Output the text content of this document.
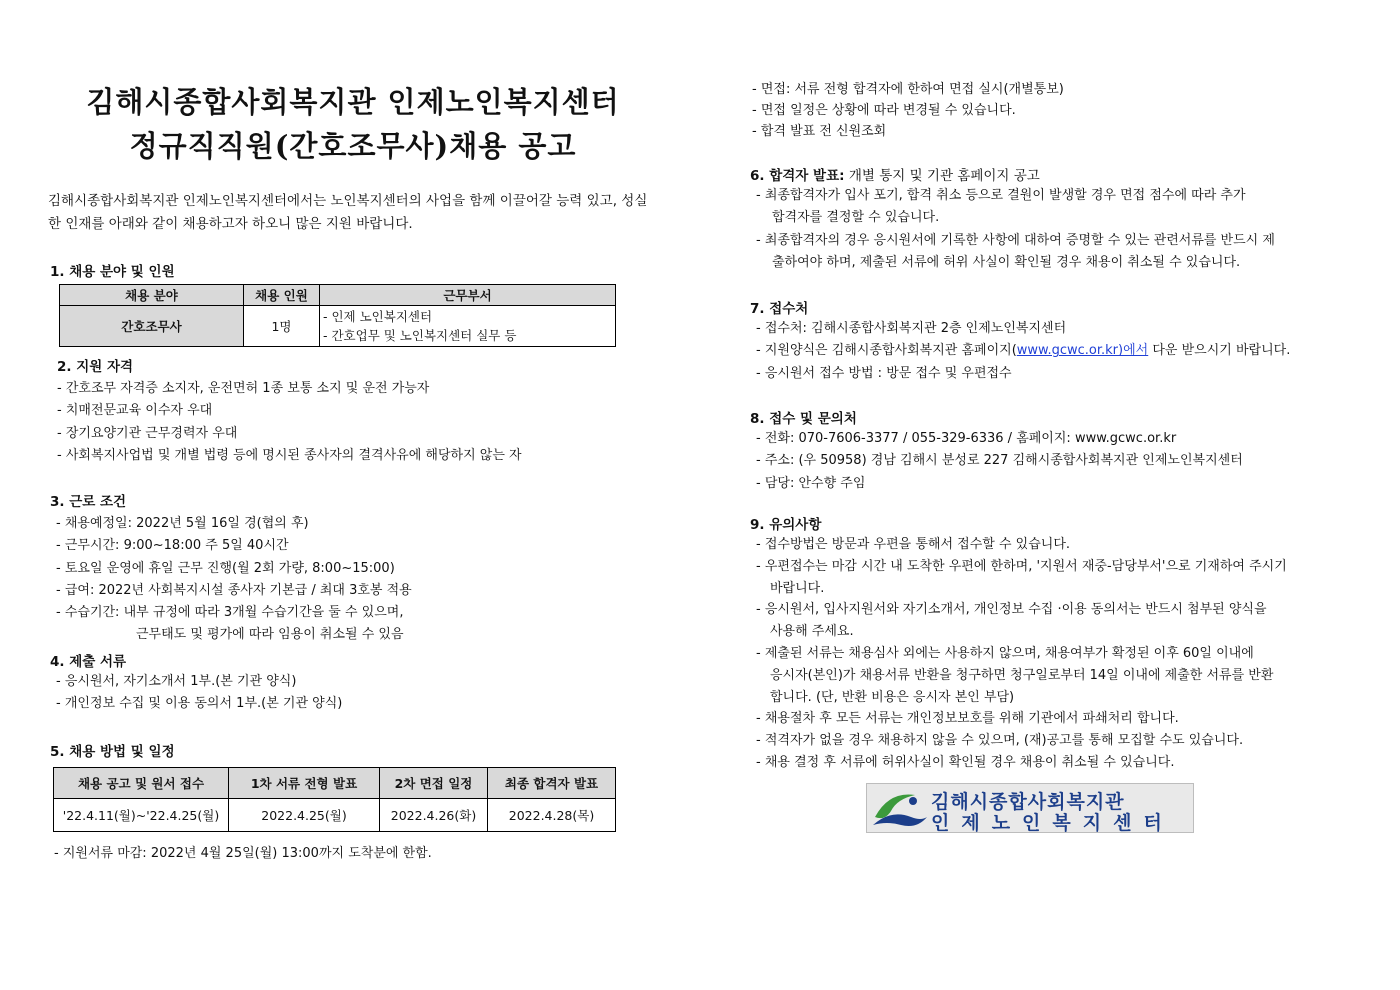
김해시종합사회복지관 인제노인복지센터
정규직직원(간호조무사)채용 공고

김해시종합사회복지관 인제노인복지센터에서는 노인복지센터의 사업을 함께 이끌어갈 능력 있고, 성실한 인재를 아래와 같이 채용하고자 하오니 많은 지원 바랍니다.

1. 채용 분야 및 인원

채용 분야	채용 인원	근무부서
간호조무사	1명	- 인제 노인복지센터
- 간호업무 및 노인복지센터 실무 등

2. 지원 자격

- 간호조무 자격증 소지자, 운전면허 1종 보통 소지 및 운전 가능자

- 치매전문교육 이수자 우대

- 장기요양기관 근무경력자 우대

- 사회복지사업법 및 개별 법령 등에 명시된 종사자의 결격사유에 해당하지 않는 자

3. 근로 조건

- 채용예정일: 2022년 5월 16일 경(협의 후)

- 근무시간: 9:00~18:00 주 5일 40시간

- 토요일 운영에 휴일 근무 진행(월 2회 가량, 8:00~15:00)

- 급여: 2022년 사회복지시설 종사자 기본급 / 최대 3호봉 적용

- 수습기간: 내부 규정에 따라 3개월 수습기간을 둘 수 있으며,

근무태도 및 평가에 따라 임용이 취소될 수 있음

4. 제출 서류

- 응시원서, 자기소개서 1부.(본 기관 양식)

- 개인정보 수집 및 이용 동의서 1부.(본 기관 양식)

5. 채용 방법 및 일정

채용 공고 및 원서 접수	1차 서류 전형 발표	2차 면접 일정	최종 합격자 발표
'22.4.11(월)~'22.4.25(월)	2022.4.25(월)	2022.4.26(화)	2022.4.28(목)

- 지원서류 마감: 2022년 4월 25일(월) 13:00까지 도착분에 한함.

- 면접: 서류 전형 합격자에 한하여 면접 실시(개별통보)

- 면접 일정은 상황에 따라 변경될 수 있습니다.

- 합격 발표 전 신원조회

6. 합격자 발표: 개별 통지 및 기관 홈페이지 공고

- 최종합격자가 입사 포기, 합격 취소 등으로 결원이 발생할 경우 면접 점수에 따라 추가

합격자를 결정할 수 있습니다.

- 최종합격자의 경우 응시원서에 기록한 사항에 대하여 증명할 수 있는 관련서류를 반드시 제

출하여야 하며, 제출된 서류에 허위 사실이 확인될 경우 채용이 취소될 수 있습니다.

7. 접수처

- 접수처: 김해시종합사회복지관 2층 인제노인복지센터

- 지원양식은 김해시종합사회복지관 홈페이지(www.gcwc.or.kr)에서 다운 받으시기 바랍니다.

- 응시원서 접수 방법 : 방문 접수 및 우편접수

8. 접수 및 문의처

- 전화: 070-7606-3377 / 055-329-6336 / 홈페이지: www.gcwc.or.kr

- 주소: (우 50958) 경남 김해시 분성로 227 김해시종합사회복지관 인제노인복지센터

- 담당: 안수향 주임

9. 유의사항

- 접수방법은 방문과 우편을 통해서 접수할 수 있습니다.

- 우편접수는 마감 시간 내 도착한 우편에 한하며, '지원서 재중-담당부서'으로 기재하여 주시기

바랍니다.

- 응시원서, 입사지원서와 자기소개서, 개인정보 수집 ·이용 동의서는 반드시 첨부된 양식을

사용해 주세요.

- 제출된 서류는 채용심사 외에는 사용하지 않으며, 채용여부가 확정된 이후 60일 이내에

응시자(본인)가 채용서류 반환을 청구하면 청구일로부터 14일 이내에 제출한 서류를 반환

합니다. (단, 반환 비용은 응시자 본인 부담)

- 채용절차 후 모든 서류는 개인정보보호를 위해 기관에서 파쇄처리 합니다.

- 적격자가 없을 경우 채용하지 않을 수 있으며, (재)공고를 통해 모집할 수도 있습니다.

- 채용 결정 후 서류에 허위사실이 확인될 경우 채용이 취소될 수 있습니다.

김해시종합사회복지관
인제노인복지센터
